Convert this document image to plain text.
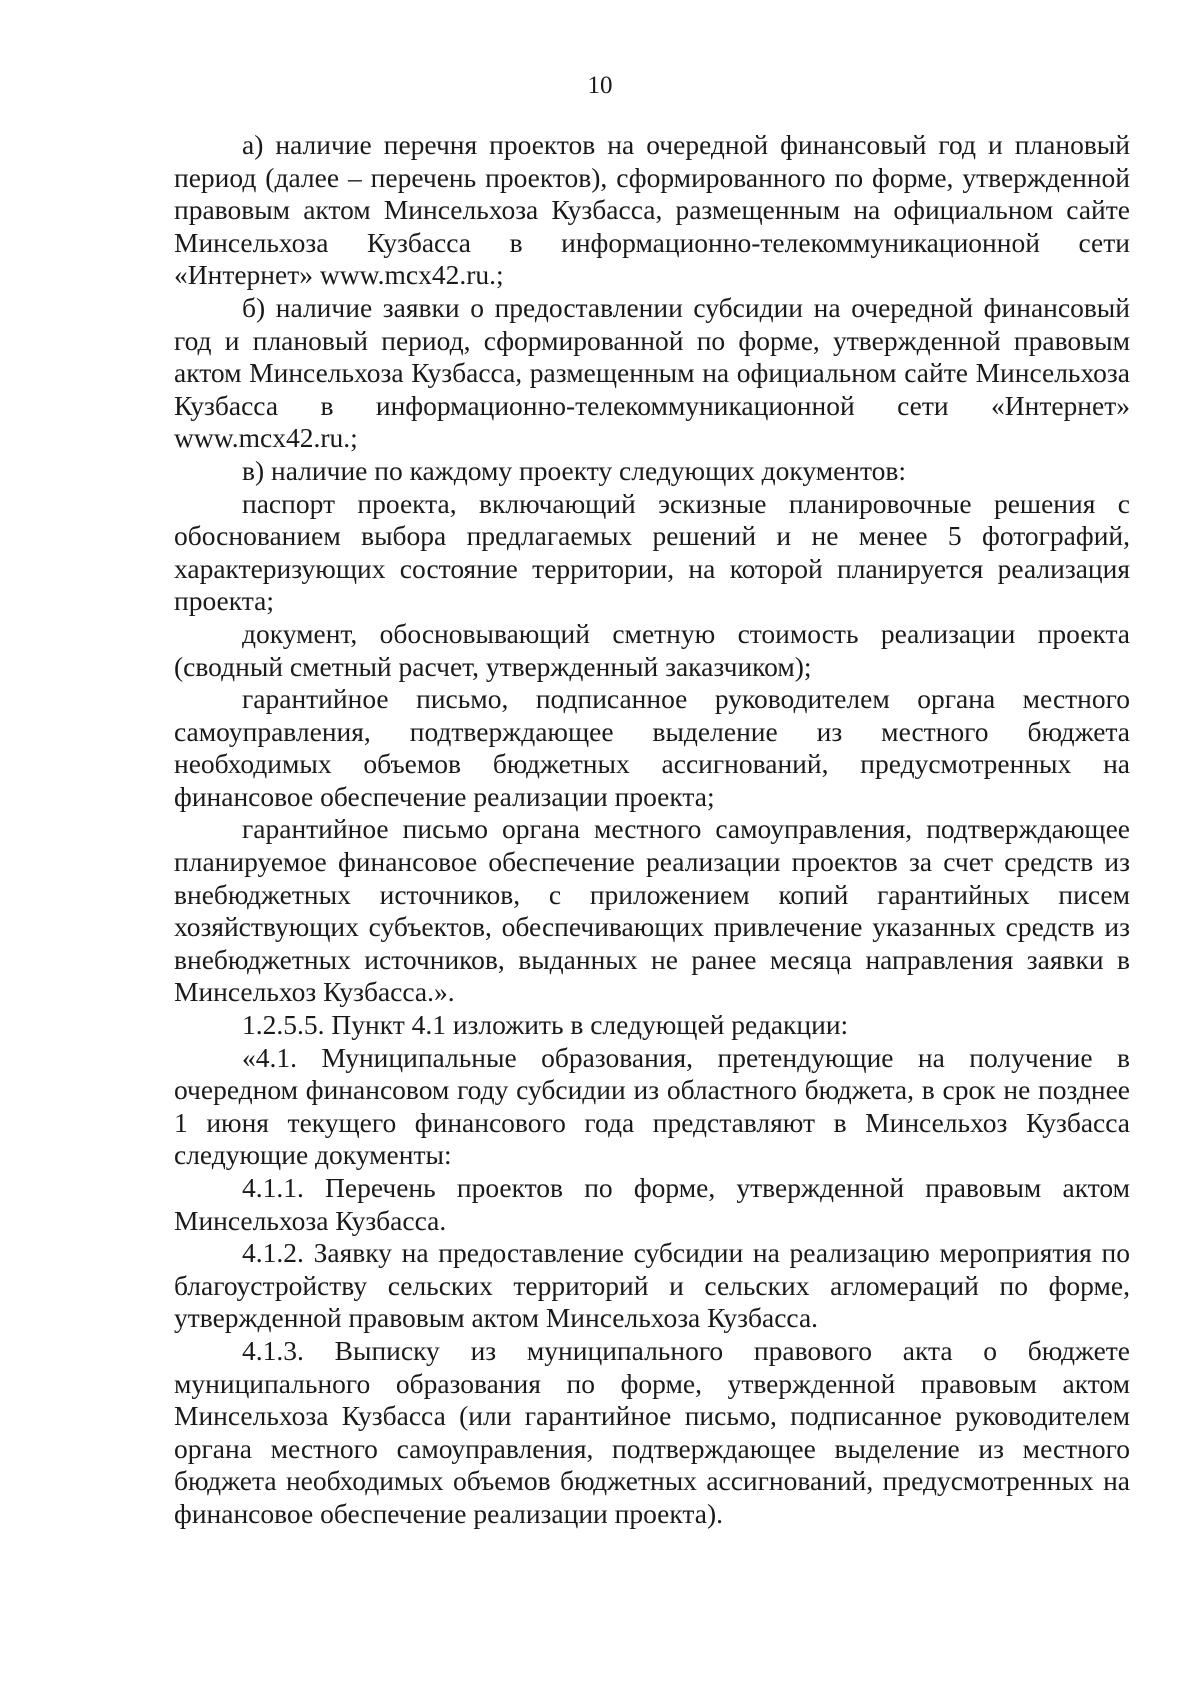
10

а) наличие перечня проектов на очередной финансовый год и плановый период (далее – перечень проектов), сформированного по форме, утвержденной правовым актом Минсельхоза Кузбасса, размещенным на официальном сайте Минсельхоза Кузбасса в информационно-телекоммуникационной сети «Интернет» www.mcx42.ru.;

б) наличие заявки о предоставлении субсидии на очередной финансовый год и плановый период, сформированной по форме, утвержденной правовым актом Минсельхоза Кузбасса, размещенным на официальном сайте Минсельхоза Кузбасса в информационно-телекоммуникационной сети «Интернет» www.mcx42.ru.;

в) наличие по каждому проекту следующих документов:

паспорт проекта, включающий эскизные планировочные решения с обоснованием выбора предлагаемых решений и не менее 5 фотографий, характеризующих состояние территории, на которой планируется реализация проекта;

документ, обосновывающий сметную стоимость реализации проекта (сводный сметный расчет, утвержденный заказчиком);

гарантийное письмо, подписанное руководителем органа местного самоуправления, подтверждающее выделение из местного бюджета необходимых объемов бюджетных ассигнований, предусмотренных на финансовое обеспечение реализации проекта;

гарантийное письмо органа местного самоуправления, подтверждающее планируемое финансовое обеспечение реализации проектов за счет средств из внебюджетных источников, с приложением копий гарантийных писем хозяйствующих субъектов, обеспечивающих привлечение указанных средств из внебюджетных источников, выданных не ранее месяца направления заявки в Минсельхоз Кузбасса.».

1.2.5.5. Пункт 4.1 изложить в следующей редакции:

«4.1. Муниципальные образования, претендующие на получение в очередном финансовом году субсидии из областного бюджета, в срок не позднее 1 июня текущего финансового года представляют в Минсельхоз Кузбасса следующие документы:

4.1.1. Перечень проектов по форме, утвержденной правовым актом Минсельхоза Кузбасса.

4.1.2. Заявку на предоставление субсидии на реализацию мероприятия по благоустройству сельских территорий и сельских агломераций по форме, утвержденной правовым актом Минсельхоза Кузбасса.

4.1.3. Выписку из муниципального правового акта о бюджете муниципального образования по форме, утвержденной правовым актом Минсельхоза Кузбасса (или гарантийное письмо, подписанное руководителем органа местного самоуправления, подтверждающее выделение из местного бюджета необходимых объемов бюджетных ассигнований, предусмотренных на финансовое обеспечение реализации проекта).
